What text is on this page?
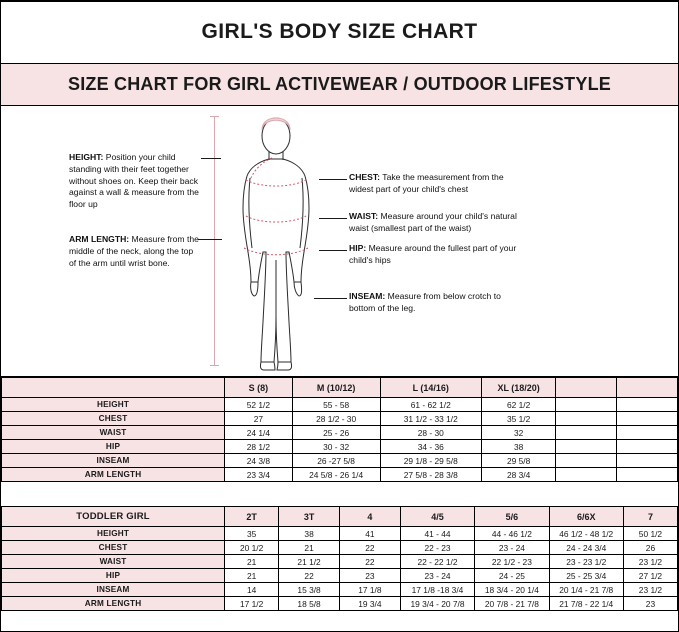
GIRL'S BODY SIZE CHART
SIZE CHART FOR GIRL ACTIVEWEAR / OUTDOOR LIFESTYLE
HEIGHT: Position your child standing with their feet together without shoes on. Keep their back against a wall & measure from the floor up
ARM LENGTH: Measure from the middle of the neck, along the top of the arm until wrist bone.
CHEST: Take the measurement from the widest part of your child's chest
WAIST: Measure around your child's natural waist (smallest part of the waist)
HIP: Measure around the fullest part of your child's hips
INSEAM: Measure from below crotch to bottom of the leg.
	S (8)	M (10/12)	L (14/16)	XL (18/20)		
HEIGHT	52 1/2	55 - 58	61 - 62 1/2	62 1/2		
CHEST	27	28 1/2 - 30	31 1/2 - 33 1/2	35 1/2		
WAIST	24 1/4	25 - 26	28 - 30	32		
HIP	28 1/2	30 - 32	34 - 36	38		
INSEAM	24 3/8	26 -27 5/8	29 1/8 - 29 5/8	29 5/8		
ARM LENGTH	23 3/4	24 5/8 - 26 1/4	27 5/8 - 28 3/8	28 3/4		
TODDLER GIRL	2T	3T	4	4/5	5/6	6/6X	7
HEIGHT	35	38	41	41 - 44	44 - 46 1/2	46 1/2 - 48 1/2	50 1/2
CHEST	20 1/2	21	22	22 - 23	23 - 24	24 - 24 3/4	26
WAIST	21	21 1/2	22	22 - 22 1/2	22 1/2 - 23	23 - 23 1/2	23 1/2
HIP	21	22	23	23 - 24	24 - 25	25 - 25 3/4	27 1/2
INSEAM	14	15 3/8	17 1/8	17 1/8 -18 3/4	18 3/4 - 20 1/4	20 1/4 - 21 7/8	23 1/2
ARM LENGTH	17 1/2	18 5/8	19 3/4	19 3/4 - 20 7/8	20 7/8 - 21 7/8	21 7/8 - 22 1/4	23
